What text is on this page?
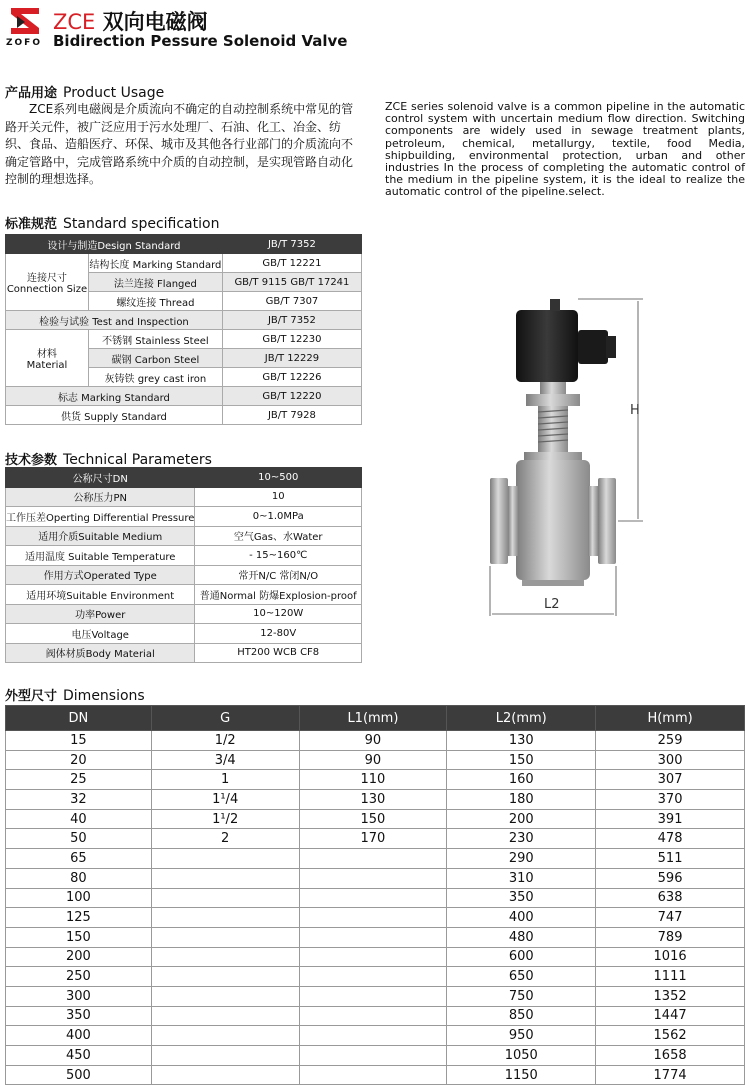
ZOFO
ZCE 双向电磁阀
Bidirection Pessure Solenoid Valve
产品用途 Product Usage
ZCE系列电磁阀是介质流向不确定的自动控制系统中常见的管路开关元件，被广泛应用于污水处理厂、石油、化工、冶金、纺织、食品、造船医疗、环保、城市及其他各行业部门的介质流向不确定管路中，完成管路系统中介质的自动控制，是实现管路自动化控制的理想选择。
ZCE series solenoid valve is a common pipeline in the automatic control system with uncertain medium flow direction. Switching components are widely used in sewage treatment plants, petroleum, chemical, metallurgy, textile, food Media, shipbuilding, environmental protection, urban and other industries In the process of completing the automatic control of the medium in the pipeline system, it is the ideal to realize the automatic control of the pipeline.select.
标准规范 Standard specification
设计与制造Design Standard		JB/T 7352
连接尺寸
Connection Size	结构长度 Marking Standard	GB/T 12221
	法兰连接 Flanged	GB/T 9115 GB/T 17241
	螺纹连接 Thread	GB/T 7307
检验与试验 Test and Inspection		JB/T 7352
材料
Material	不锈钢 Stainless Steel	GB/T 12230
	碳钢 Carbon Steel	JB/T 12229
	灰铸铁 grey cast iron	GB/T 12226
标志 Marking Standard		GB/T 12220
供货 Supply Standard		JB/T 7928
技术参数 Technical Parameters
公称尺寸DN	10~500
公称压力PN	10
工作压差Operting Differential Pressure	0~1.0MPa
适用介质Suitable Medium	空气Gas、水Water
适用温度 Suitable Temperature	- 15~160℃
作用方式Operated Type	常开N/C 常闭N/O
适用环境Suitable Environment	普通Normal 防爆Explosion-proof
功率Power	10~120W
电压Voltage	12-80V
阀体材质Body Material	HT200 WCB CF8
H
L2
外型尺寸 Dimensions
DN	G	L1(mm)	L2(mm)	H(mm)
15	1/2	90	130	259
20	3/4	90	150	300
25	1	110	160	307
32	1¹/4	130	180	370
40	1¹/2	150	200	391
50	2	170	230	478
65			290	511
80			310	596
100			350	638
125			400	747
150			480	789
200			600	1016
250			650	1111
300			750	1352
350			850	1447
400			950	1562
450			1050	1658
500			1150	1774
